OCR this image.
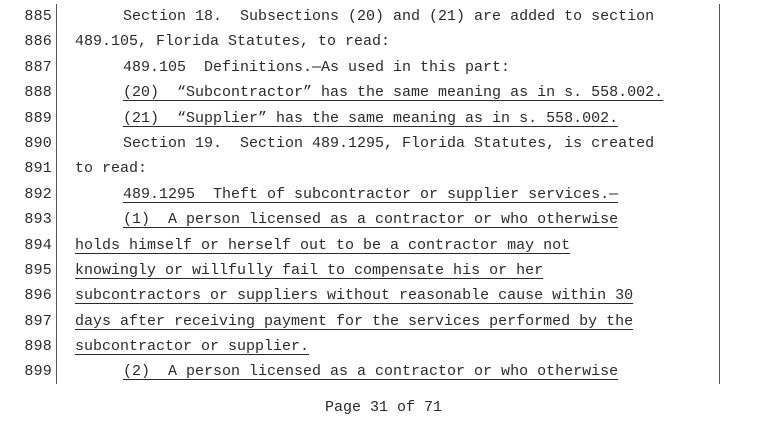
885	Section 18.  Subsections (20) and (21) are added to section
886 489.105, Florida Statutes, to read:
887	489.105  Definitions.—As used in this part:
888	(20)  “Subcontractor” has the same meaning as in s. 558.002.
889	(21)  “Supplier” has the same meaning as in s. 558.002.
890	Section 19.  Section 489.1295, Florida Statutes, is created
891 to read:
892	489.1295  Theft of subcontractor or supplier services.—
893	(1)  A person licensed as a contractor or who otherwise
894 holds himself or herself out to be a contractor may not
895 knowingly or willfully fail to compensate his or her
896 subcontractors or suppliers without reasonable cause within 30
897 days after receiving payment for the services performed by the
898 subcontractor or supplier.
899	(2)  A person licensed as a contractor or who otherwise
Page 31 of 71
